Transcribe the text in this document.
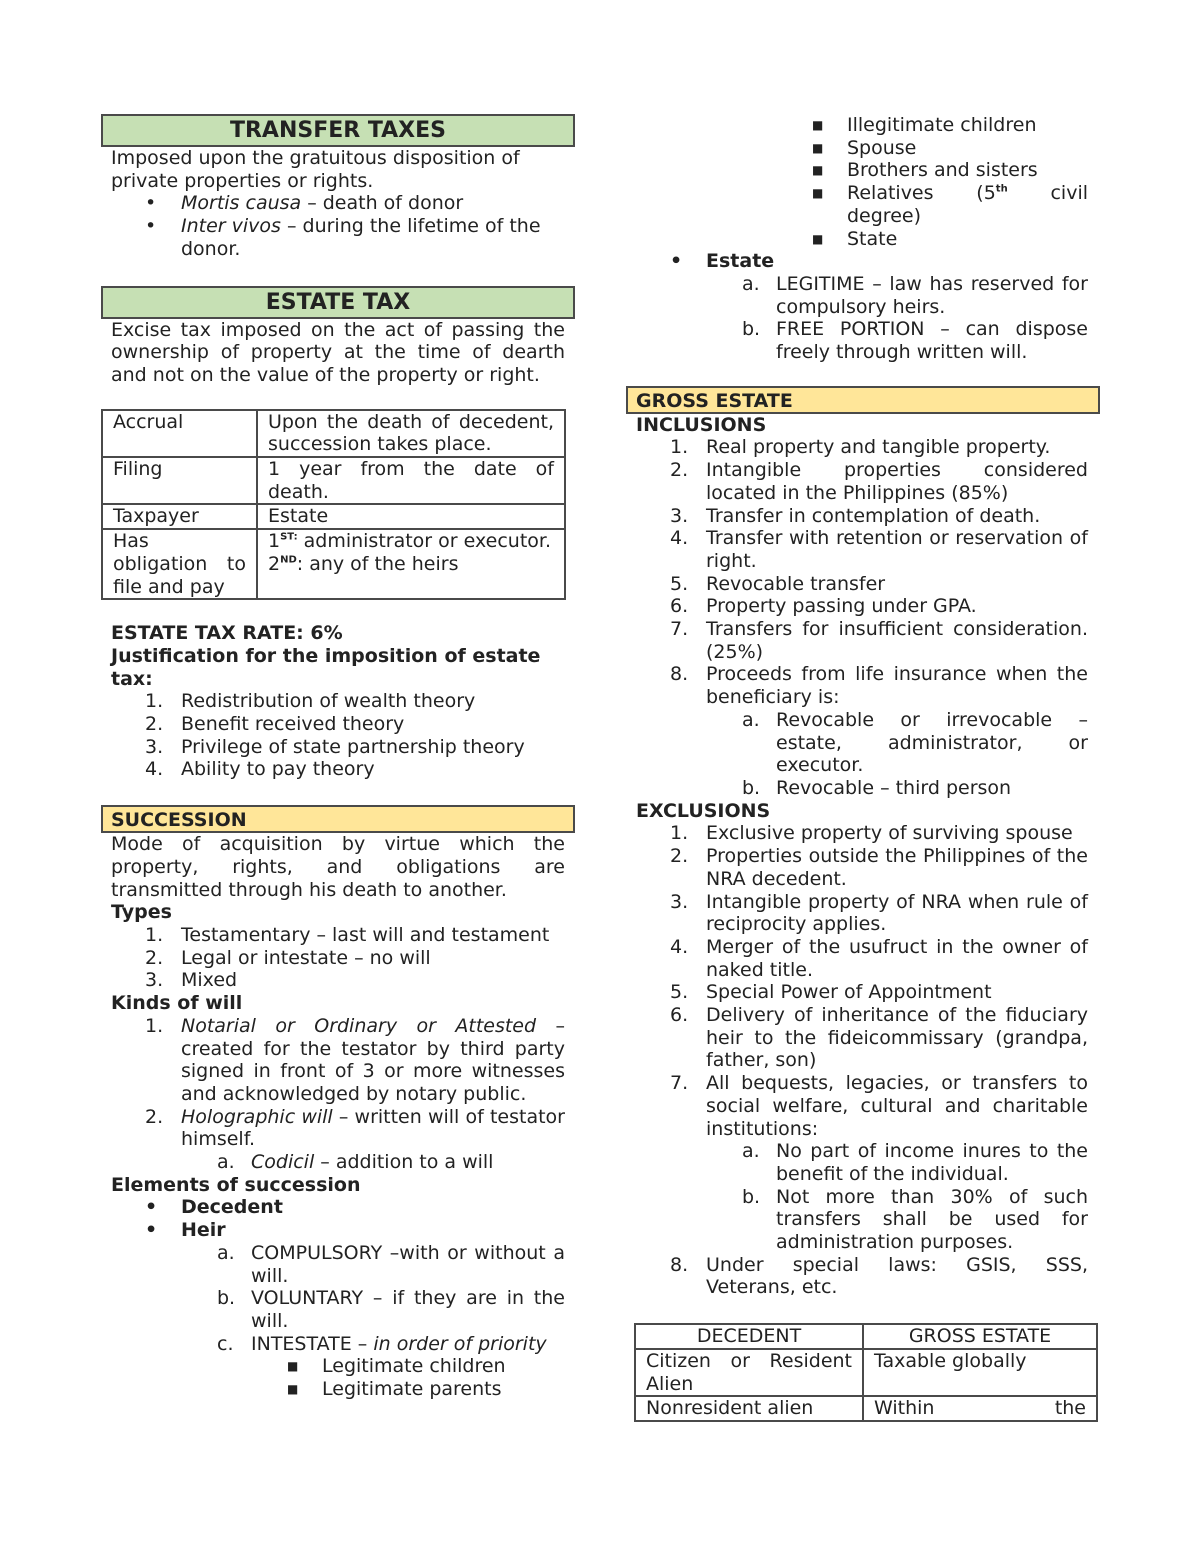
TRANSFER TAXES

Imposed upon the gratuitous disposition of private properties or rights.

• Mortis causa – death of donor
• Inter vivos – during the lifetime of the donor.
ESTATE TAX

Excise tax imposed on the act of passing the ownership of property at the time of dearth and not on the value of the property or right.

Accrual	Upon the death of decedent, succession takes place.
Filing	1 year from the date of death.
Taxpayer	Estate
Has obligation to file and pay	$1^{ST:}$ administrator or executor.
2ND: any of the heirs

ESTATE TAX RATE: 6%

Justification for the imposition of estate tax:

1. Redistribution of wealth theory
2. Benefit received theory
3. Privilege of state partnership theory
4. Ability to pay theory
SUCCESSION

Mode of acquisition by virtue which the property, rights, and obligations are transmitted through his death to another.

Types

1. Testamentary – last will and testament
2. Legal or intestate – no will
3. Mixed

Kinds of will

1. Notarial or Ordinary or Attested – created for the testator by third party signed in front of 3 or more witnesses and acknowledged by notary public.
2. Holographic will – written will of testator himself.
a. Codicil – addition to a will

Elements of succession

• Decedent
• Heir
a. COMPULSORY –with or without a will.
b. VOLUNTARY – if they are in the will.
c. INTESTATE – in order of priority
■ Legitimate children
■ Legitimate parents
■ Illegitimate children
■ Spouse
■ Brothers and sisters
■ Relatives (5th civil degree)
■ State
• Estate
a. LEGITIME – law has reserved for compulsory heirs.
b. FREE PORTION – can dispose freely through written will.
GROSS ESTATE

INCLUSIONS

1. Real property and tangible property.
2. Intangible properties considered located in the Philippines (85%)
3. Transfer in contemplation of death.
4. Transfer with retention or reservation of right.
5. Revocable transfer
6. Property passing under GPA.
7. Transfers for insufficient consideration. (25%)
8. Proceeds from life insurance when the beneficiary is:
a. Revocable or irrevocable – estate, administrator, or executor.
b. Revocable – third person

EXCLUSIONS

1. Exclusive property of surviving spouse
2. Properties outside the Philippines of the NRA decedent.
3. Intangible property of NRA when rule of reciprocity applies.
4. Merger of the usufruct in the owner of naked title.
5. Special Power of Appointment
6. Delivery of inheritance of the fiduciary heir to the fideicommissary (grandpa, father, son)
7. All bequests, legacies, or transfers to social welfare, cultural and charitable institutions:
a. No part of income inures to the benefit of the individual.
b. Not more than 30% of such transfers shall be used for administration purposes.
8. Under special laws: GSIS, SSS, Veterans, etc.
DECEDENT	GROSS ESTATE
Citizen or Resident Alien	Taxable globally
Nonresident alien	Within the
